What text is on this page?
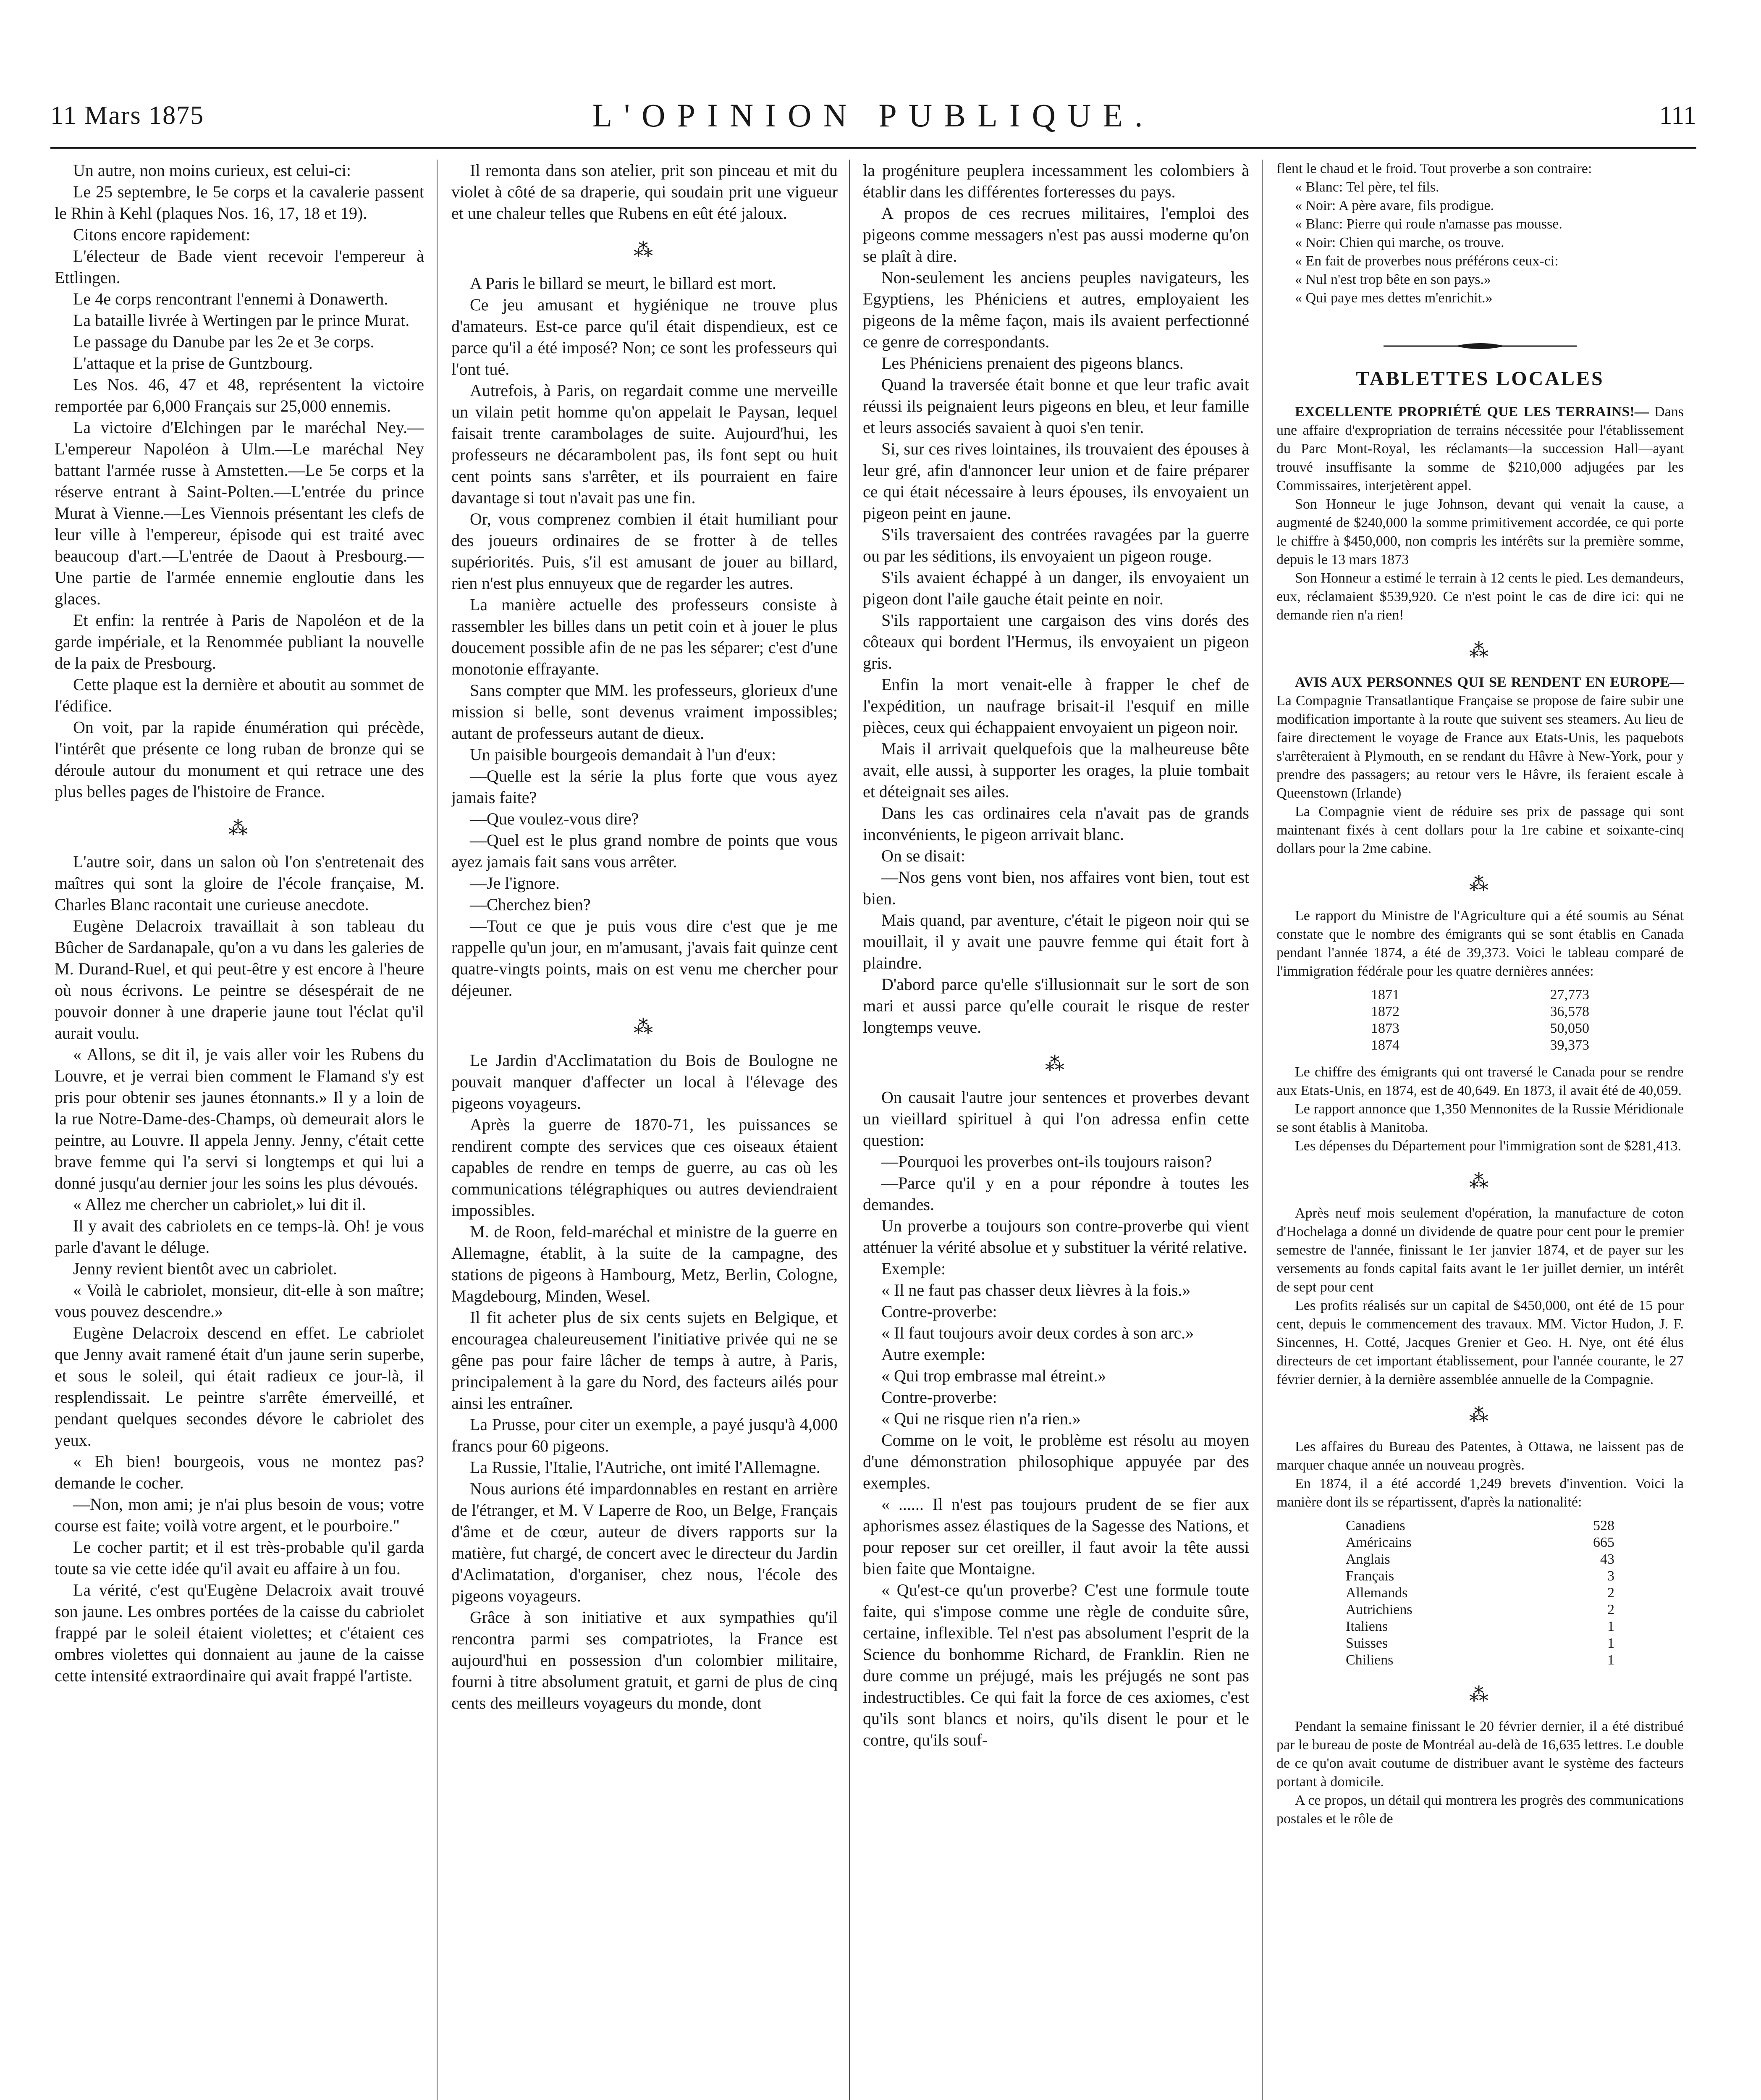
11 Mars 1875	L'OPINION PUBLIQUE.	111

Un autre, non moins curieux, est celui-ci:

Le 25 septembre, le 5e corps et la cavalerie passent le Rhin à Kehl (plaques Nos. 16, 17, 18 et 19).

Citons encore rapidement:

L'électeur de Bade vient recevoir l'empereur à Ettlingen.

Le 4e corps rencontrant l'ennemi à Donawerth.

La bataille livrée à Wertingen par le prince Murat.

Le passage du Danube par les 2e et 3e corps.

L'attaque et la prise de Guntzbourg.

Les Nos. 46, 47 et 48, représentent la victoire remportée par 6,000 Français sur 25,000 ennemis.

La victoire d'Elchingen par le maréchal Ney.—L'empereur Napoléon à Ulm.—Le maréchal Ney battant l'armée russe à Amstetten.—Le 5e corps et la réserve entrant à Saint-Polten.—L'entrée du prince Murat à Vienne.—Les Viennois présentant les clefs de leur ville à l'empereur, épisode qui est traité avec beaucoup d'art.—L'entrée de Daout à Presbourg.—Une partie de l'armée ennemie engloutie dans les glaces.

Et enfin: la rentrée à Paris de Napoléon et de la garde impériale, et la Renommée publiant la nouvelle de la paix de Presbourg.

Cette plaque est la dernière et aboutit au sommet de l'édifice.

On voit, par la rapide énumération qui précède, l'intérêt que présente ce long ruban de bronze qui se déroule autour du monument et qui retrace une des plus belles pages de l'histoire de France.

⁂

L'autre soir, dans un salon où l'on s'entretenait des maîtres qui sont la gloire de l'école française, M. Charles Blanc racontait une curieuse anecdote.

Eugène Delacroix travaillait à son tableau du Bûcher de Sardanapale, qu'on a vu dans les galeries de M. Durand-Ruel, et qui peut-être y est encore à l'heure où nous écrivons. Le peintre se désespérait de ne pouvoir donner à une draperie jaune tout l'éclat qu'il aurait voulu.

« Allons, se dit il, je vais aller voir les Rubens du Louvre, et je verrai bien comment le Flamand s'y est pris pour obtenir ses jaunes étonnants.» Il y a loin de la rue Notre-Dame-des-Champs, où demeurait alors le peintre, au Louvre. Il appela Jenny. Jenny, c'était cette brave femme qui l'a servi si longtemps et qui lui a donné jusqu'au dernier jour les soins les plus dévoués.

« Allez me chercher un cabriolet,» lui dit il.

Il y avait des cabriolets en ce temps-là. Oh! je vous parle d'avant le déluge.

Jenny revient bientôt avec un cabriolet.

« Voilà le cabriolet, monsieur, dit-elle à son maître; vous pouvez descendre.»

Eugène Delacroix descend en effet. Le cabriolet que Jenny avait ramené était d'un jaune serin superbe, et sous le soleil, qui était radieux ce jour-là, il resplendissait. Le peintre s'arrête émerveillé, et pendant quelques secondes dévore le cabriolet des yeux.

« Eh bien! bourgeois, vous ne montez pas? demande le cocher.

—Non, mon ami; je n'ai plus besoin de vous; votre course est faite; voilà votre argent, et le pourboire."

Le cocher partit; et il est très-probable qu'il garda toute sa vie cette idée qu'il avait eu affaire à un fou.

La vérité, c'est qu'Eugène Delacroix avait trouvé son jaune. Les ombres portées de la caisse du cabriolet frappé par le soleil étaient violettes; et c'étaient ces ombres violettes qui donnaient au jaune de la caisse cette intensité extraordinaire qui avait frappé l'artiste.

Il remonta dans son atelier, prit son pinceau et mit du violet à côté de sa draperie, qui soudain prit une vigueur et une chaleur telles que Rubens en eût été jaloux.

⁂

A Paris le billard se meurt, le billard est mort.

Ce jeu amusant et hygiénique ne trouve plus d'amateurs. Est-ce parce qu'il était dispendieux, est ce parce qu'il a été imposé? Non; ce sont les professeurs qui l'ont tué.

Autrefois, à Paris, on regardait comme une merveille un vilain petit homme qu'on appelait le Paysan, lequel faisait trente carambolages de suite. Aujourd'hui, les professeurs ne décarambolent pas, ils font sept ou huit cent points sans s'arrêter, et ils pourraient en faire davantage si tout n'avait pas une fin.

Or, vous comprenez combien il était humiliant pour des joueurs ordinaires de se frotter à de telles supériorités. Puis, s'il est amusant de jouer au billard, rien n'est plus ennuyeux que de regarder les autres.

La manière actuelle des professeurs consiste à rassembler les billes dans un petit coin et à jouer le plus doucement possible afin de ne pas les séparer; c'est d'une monotonie effrayante.

Sans compter que MM. les professeurs, glorieux d'une mission si belle, sont devenus vraiment impossibles; autant de professeurs autant de dieux.

Un paisible bourgeois demandait à l'un d'eux:

—Quelle est la série la plus forte que vous ayez jamais faite?

—Que voulez-vous dire?

—Quel est le plus grand nombre de points que vous ayez jamais fait sans vous arrêter.

—Je l'ignore.

—Cherchez bien?

—Tout ce que je puis vous dire c'est que je me rappelle qu'un jour, en m'amusant, j'avais fait quinze cent quatre-vingts points, mais on est venu me chercher pour déjeuner.

⁂

Le Jardin d'Acclimatation du Bois de Boulogne ne pouvait manquer d'affecter un local à l'élevage des pigeons voyageurs.

Après la guerre de 1870-71, les puissances se rendirent compte des services que ces oiseaux étaient capables de rendre en temps de guerre, au cas où les communications télégraphiques ou autres deviendraient impossibles.

M. de Roon, feld-maréchal et ministre de la guerre en Allemagne, établit, à la suite de la campagne, des stations de pigeons à Hambourg, Metz, Berlin, Cologne, Magdebourg, Minden, Wesel.

Il fit acheter plus de six cents sujets en Belgique, et encouragea chaleureusement l'initiative privée qui ne se gêne pas pour faire lâcher de temps à autre, à Paris, principalement à la gare du Nord, des facteurs ailés pour ainsi les entraîner.

La Prusse, pour citer un exemple, a payé jusqu'à 4,000 francs pour 60 pigeons.

La Russie, l'Italie, l'Autriche, ont imité l'Allemagne.

Nous aurions été impardonnables en restant en arrière de l'étranger, et M. V Laperre de Roo, un Belge, Français d'âme et de cœur, auteur de divers rapports sur la matière, fut chargé, de concert avec le directeur du Jardin d'Aclimatation, d'organiser, chez nous, l'école des pigeons voyageurs.

Grâce à son initiative et aux sympathies qu'il rencontra parmi ses compatriotes, la France est aujourd'hui en possession d'un colombier militaire, fourni à titre absolument gratuit, et garni de plus de cinq cents des meilleurs voyageurs du monde, dont

la progéniture peuplera incessamment les colombiers à établir dans les différentes forteresses du pays.

A propos de ces recrues militaires, l'emploi des pigeons comme messagers n'est pas aussi moderne qu'on se plaît à dire.

Non-seulement les anciens peuples navigateurs, les Egyptiens, les Phéniciens et autres, employaient les pigeons de la même façon, mais ils avaient perfectionné ce genre de correspondants.

Les Phéniciens prenaient des pigeons blancs.

Quand la traversée était bonne et que leur trafic avait réussi ils peignaient leurs pigeons en bleu, et leur famille et leurs associés savaient à quoi s'en tenir.

Si, sur ces rives lointaines, ils trouvaient des épouses à leur gré, afin d'annoncer leur union et de faire préparer ce qui était nécessaire à leurs épouses, ils envoyaient un pigeon peint en jaune.

S'ils traversaient des contrées ravagées par la guerre ou par les séditions, ils envoyaient un pigeon rouge.

S'ils avaient échappé à un danger, ils envoyaient un pigeon dont l'aile gauche était peinte en noir.

S'ils rapportaient une cargaison des vins dorés des côteaux qui bordent l'Hermus, ils envoyaient un pigeon gris.

Enfin la mort venait-elle à frapper le chef de l'expédition, un naufrage brisait-il l'esquif en mille pièces, ceux qui échappaient envoyaient un pigeon noir.

Mais il arrivait quelquefois que la malheureuse bête avait, elle aussi, à supporter les orages, la pluie tombait et déteignait ses ailes.

Dans les cas ordinaires cela n'avait pas de grands inconvénients, le pigeon arrivait blanc.

On se disait:

—Nos gens vont bien, nos affaires vont bien, tout est bien.

Mais quand, par aventure, c'était le pigeon noir qui se mouillait, il y avait une pauvre femme qui était fort à plaindre.

D'abord parce qu'elle s'illusionnait sur le sort de son mari et aussi parce qu'elle courait le risque de rester longtemps veuve.

⁂

On causait l'autre jour sentences et proverbes devant un vieillard spirituel à qui l'on adressa enfin cette question:

—Pourquoi les proverbes ont-ils toujours raison?

—Parce qu'il y en a pour répondre à toutes les demandes.

Un proverbe a toujours son contre-proverbe qui vient atténuer la vérité absolue et y substituer la vérité relative.

Exemple:

« Il ne faut pas chasser deux lièvres à la fois.»

Contre-proverbe:

« Il faut toujours avoir deux cordes à son arc.»

Autre exemple:

« Qui trop embrasse mal étreint.»

Contre-proverbe:

« Qui ne risque rien n'a rien.»

Comme on le voit, le problème est résolu au moyen d'une démonstration philosophique appuyée par des exemples.

« ...... Il n'est pas toujours prudent de se fier aux aphorismes assez élastiques de la Sagesse des Nations, et pour reposer sur cet oreiller, il faut avoir la tête aussi bien faite que Montaigne.

« Qu'est-ce qu'un proverbe? C'est une formule toute faite, qui s'impose comme une règle de conduite sûre, certaine, inflexible. Tel n'est pas absolument l'esprit de la Science du bonhomme Richard, de Franklin. Rien ne dure comme un préjugé, mais les préjugés ne sont pas indestructibles. Ce qui fait la force de ces axiomes, c'est qu'ils sont blancs et noirs, qu'ils disent le pour et le contre, qu'ils souf-

flent le chaud et le froid. Tout proverbe a son contraire:

« Blanc: Tel père, tel fils.

« Noir: A père avare, fils prodigue.

« Blanc: Pierre qui roule n'amasse pas mousse.

« Noir: Chien qui marche, os trouve.

« En fait de proverbes nous préférons ceux-ci:

« Nul n'est trop bête en son pays.»

« Qui paye mes dettes m'enrichit.»

TABLETTES LOCALES

EXCELLENTE PROPRIÉTÉ QUE LES TERRAINS!— Dans une affaire d'expropriation de terrains nécessitée pour l'établissement du Parc Mont-Royal, les réclamants—la succession Hall—ayant trouvé insuffisante la somme de $210,000 adjugées par les Commissaires, interjetèrent appel.

Son Honneur le juge Johnson, devant qui venait la cause, a augmenté de $240,000 la somme primitivement accordée, ce qui porte le chiffre à $450,000, non compris les intérêts sur la première somme, depuis le 13 mars 1873

Son Honneur a estimé le terrain à 12 cents le pied. Les demandeurs, eux, réclamaient $539,920. Ce n'est point le cas de dire ici: qui ne demande rien n'a rien!

⁂

AVIS AUX PERSONNES QUI SE RENDENT EN EUROPE— La Compagnie Transatlantique Française se propose de faire subir une modification importante à la route que suivent ses steamers. Au lieu de faire directement le voyage de France aux Etats-Unis, les paquebots s'arrêteraient à Plymouth, en se rendant du Hâvre à New-York, pour y prendre des passagers; au retour vers le Hâvre, ils feraient escale à Queenstown (Irlande)

La Compagnie vient de réduire ses prix de passage qui sont maintenant fixés à cent dollars pour la 1re cabine et soixante-cinq dollars pour la 2me cabine.

⁂

Le rapport du Ministre de l'Agriculture qui a été soumis au Sénat constate que le nombre des émigrants qui se sont établis en Canada pendant l'année 1874, a été de 39,373. Voici le tableau comparé de l'immigration fédérale pour les quatre dernières années:

1871	27,773
1872	36,578
1873	50,050
1874	39,373

Le chiffre des émigrants qui ont traversé le Canada pour se rendre aux Etats-Unis, en 1874, est de 40,649. En 1873, il avait été de 40,059.

Le rapport annonce que 1,350 Mennonites de la Russie Méridionale se sont établis à Manitoba.

Les dépenses du Département pour l'immigration sont de $281,413.

⁂

Après neuf mois seulement d'opération, la manufacture de coton d'Hochelaga a donné un dividende de quatre pour cent pour le premier semestre de l'année, finissant le 1er janvier 1874, et de payer sur les versements au fonds capital faits avant le 1er juillet dernier, un intérêt de sept pour cent

Les profits réalisés sur un capital de $450,000, ont été de 15 pour cent, depuis le commencement des travaux. MM. Victor Hudon, J. F. Sincennes, H. Cotté, Jacques Grenier et Geo. H. Nye, ont été élus directeurs de cet important établissement, pour l'année courante, le 27 février dernier, à la dernière assemblée annuelle de la Compagnie.

⁂

Les affaires du Bureau des Patentes, à Ottawa, ne laissent pas de marquer chaque année un nouveau progrès.

En 1874, il a été accordé 1,249 brevets d'invention. Voici la manière dont ils se répartissent, d'après la nationalité:

Canadiens	528
Américains	665
Anglais	43
Français	3
Allemands	2
Autrichiens	2
Italiens	1
Suisses	1
Chiliens	1
⁂

Pendant la semaine finissant le 20 février dernier, il a été distribué par le bureau de poste de Montréal au-delà de 16,635 lettres. Le double de ce qu'on avait coutume de distribuer avant le système des facteurs portant à domicile.

A ce propos, un détail qui montrera les progrès des communications postales et le rôle de
